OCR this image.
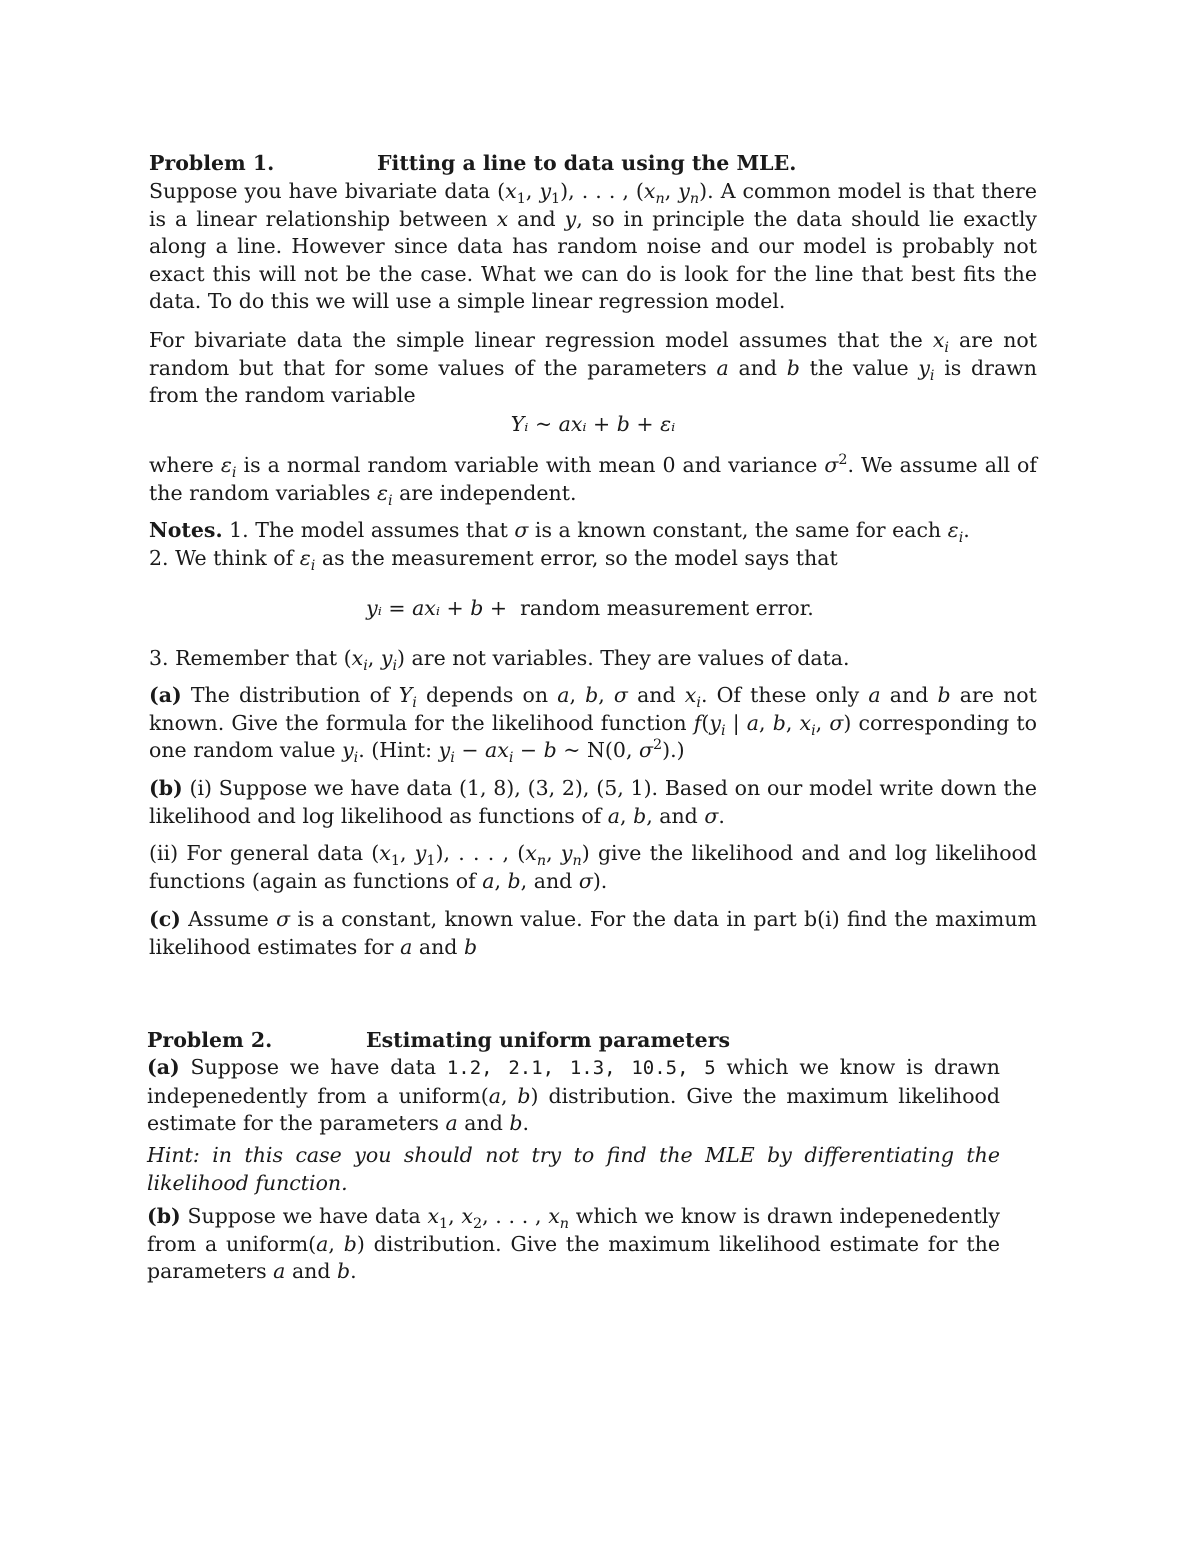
Problem 1.	Fitting a line to data using the MLE.
Suppose you have bivariate data ($x_1$, $y_1$), . . . , ($x_n$, $y_n$). A common model is that there is a linear relationship between x and y, so in principle the data should lie exactly along a line. However since data has random noise and our model is probably not exact this will not be the case. What we can do is look for the line that best fits the data. To do this we will use a simple linear regression model.
For bivariate data the simple linear regression model assumes that the $x_i$ are not random but that for some values of the parameters a and b the value $y_i$ is drawn from the random variable
Yᵢ ~ axᵢ + b + εᵢ
where $\varepsilon_i$ is a normal random variable with mean 0 and variance $\sigma^2$. We assume all of the random variables $\varepsilon_i$ are independent.
Notes. 1. The model assumes that σ is a known constant, the same for each $\varepsilon_i$.
2. We think of $\varepsilon_i$ as the measurement error, so the model says that
yᵢ = axᵢ + b + random measurement error.
3. Remember that ($x_i$, $y_i$) are not variables. They are values of data.
(a) The distribution of $Y_i$ depends on a, b, σ and $x_i$. Of these only a and b are not known. Give the formula for the likelihood function $f(y_i$ | a, b, $x_i$, σ) corresponding to one random value $y_i$. (Hint: $y_i - ax_i - b$ ~ N(0, $\sigma^2$).)
(b) (i) Suppose we have data (1, 8), (3, 2), (5, 1). Based on our model write down the likelihood and log likelihood as functions of a, b, and σ.
(ii) For general data ($x_1$, $y_1$), . . . , ($x_n$, $y_n$) give the likelihood and and log likelihood functions (again as functions of a, b, and σ).
(c) Assume σ is a constant, known value. For the data in part b(i) find the maximum likelihood estimates for a and b
Problem 2.	Estimating uniform parameters
(a) Suppose we have data 1.2, 2.1, 1.3, 10.5, 5 which we know is drawn indepenedently from a uniform(a, b) distribution. Give the maximum likelihood estimate for the parameters a and b.
Hint: in this case you should not try to find the MLE by differentiating the likelihood function.
(b) Suppose we have data $x_1$, $x_2$, . . . , $x_n$ which we know is drawn indepenedently from a uniform(a, b) distribution. Give the maximum likelihood estimate for the parameters a and b.
